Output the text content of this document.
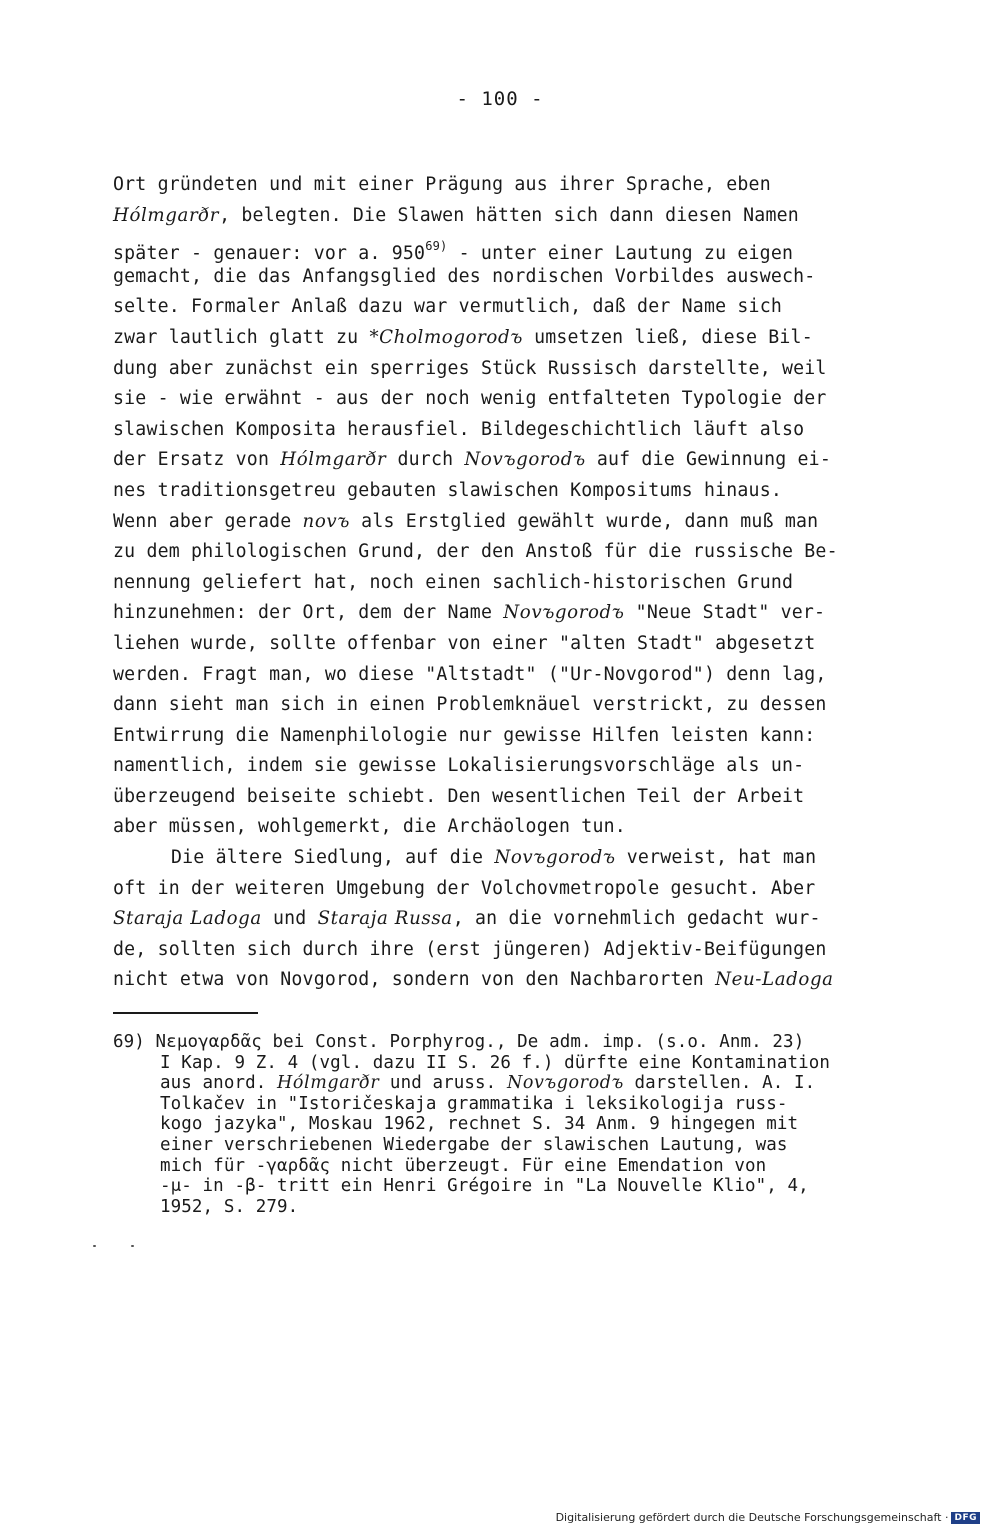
- 100 -
Ort gründeten und mit einer Prägung aus ihrer Sprache, eben
Hólmgarðr, belegten. Die Slawen hätten sich dann diesen Namen
später - genauer: vor a. 950$^{69)}$ - unter einer Lautung zu eigen
gemacht, die das Anfangsglied des nordischen Vorbildes auswech-
selte. Formaler Anlaß dazu war vermutlich, daß der Name sich
zwar lautlich glatt zu *Cholmogorodъ umsetzen ließ, diese Bil-
dung aber zunächst ein sperriges Stück Russisch darstellte, weil
sie - wie erwähnt - aus der noch wenig entfalteten Typologie der
slawischen Komposita herausfiel. Bildegeschichtlich läuft also
der Ersatz von Hólmgarðr durch Novъgorodъ auf die Gewinnung ei-
nes traditionsgetreu gebauten slawischen Kompositums hinaus.
Wenn aber gerade novъ als Erstglied gewählt wurde, dann muß man
zu dem philologischen Grund, der den Anstoß für die russische Be-
nennung geliefert hat, noch einen sachlich-historischen Grund
hinzunehmen: der Ort, dem der Name Novъgorodъ "Neue Stadt" ver-
liehen wurde, sollte offenbar von einer "alten Stadt" abgesetzt
werden. Fragt man, wo diese "Altstadt" ("Ur-Novgorod") denn lag,
dann sieht man sich in einen Problemknäuel verstrickt, zu dessen
Entwirrung die Namenphilologie nur gewisse Hilfen leisten kann:
namentlich, indem sie gewisse Lokalisierungsvorschläge als un-
überzeugend beiseite schiebt. Den wesentlichen Teil der Arbeit
aber müssen, wohlgemerkt, die Archäologen tun.
Die ältere Siedlung, auf die Novъgorodъ verweist, hat man
oft in der weiteren Umgebung der Volchovmetropole gesucht. Aber
Staraja Ladoga und Staraja Russa, an die vornehmlich gedacht wur-
de, sollten sich durch ihre (erst jüngeren) Adjektiv-Beifügungen
nicht etwa von Novgorod, sondern von den Nachbarorten Neu-Ladoga
69) Νεμογαρδᾶς bei Const. Porphyrog., De adm. imp. (s.o. Anm. 23)
I Kap. 9 Z. 4 (vgl. dazu II S. 26 f.) dürfte eine Kontamination
aus anord. Hólmgarðr und aruss. Novъgorodъ darstellen. A. I.
Tolkačev in "Istoričeskaja grammatika i leksikologija russ-
kogo jazyka", Moskau 1962, rechnet S. 34 Anm. 9 hingegen mit
einer verschriebenen Wiedergabe der slawischen Lautung, was
mich für -γαρδᾶς nicht überzeugt. Für eine Emendation von
-μ- in -β- tritt ein Henri Grégoire in "La Nouvelle Klio", 4,
1952, S. 279.
Digitalisierung gefördert durch die Deutsche Forschungsgemeinschaft · DFG
